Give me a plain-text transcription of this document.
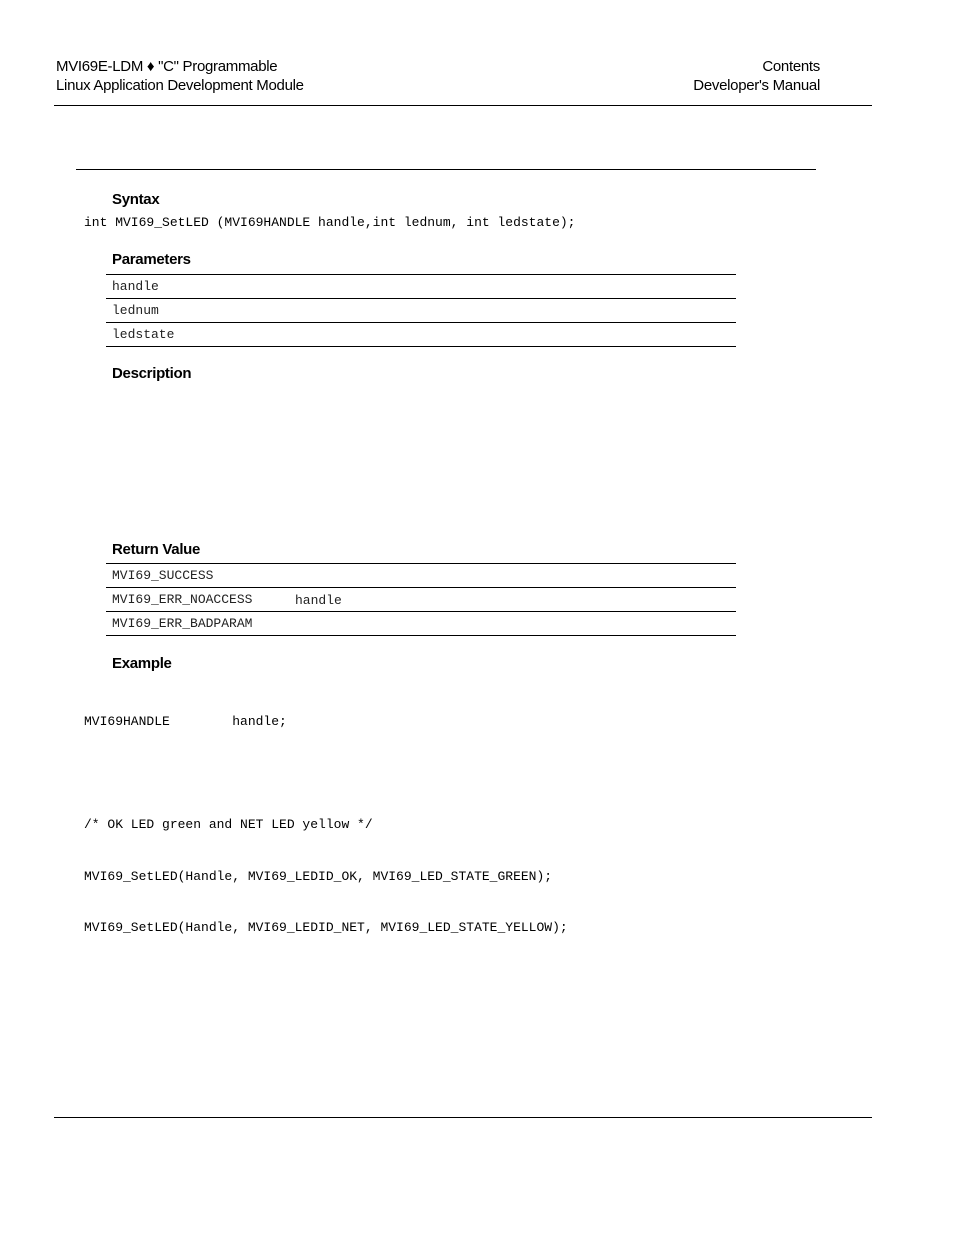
MVI69E-LDM ♦ "C" Programmable
Linux Application Development Module
Contents
Developer's Manual
Syntax
int MVI69_SetLED (MVI69HANDLE handle,int lednum, int ledstate);
Parameters
handle
lednum
ledstate
Description
Return Value
MVI69_SUCCESS
MVI69_ERR_NOACCESS	handle
MVI69_ERR_BADPARAM
Example

MVI69HANDLE        handle;

/* OK LED green and NET LED yellow */

MVI69_SetLED(Handle, MVI69_LEDID_OK, MVI69_LED_STATE_GREEN);

MVI69_SetLED(Handle, MVI69_LEDID_NET, MVI69_LED_STATE_YELLOW);
